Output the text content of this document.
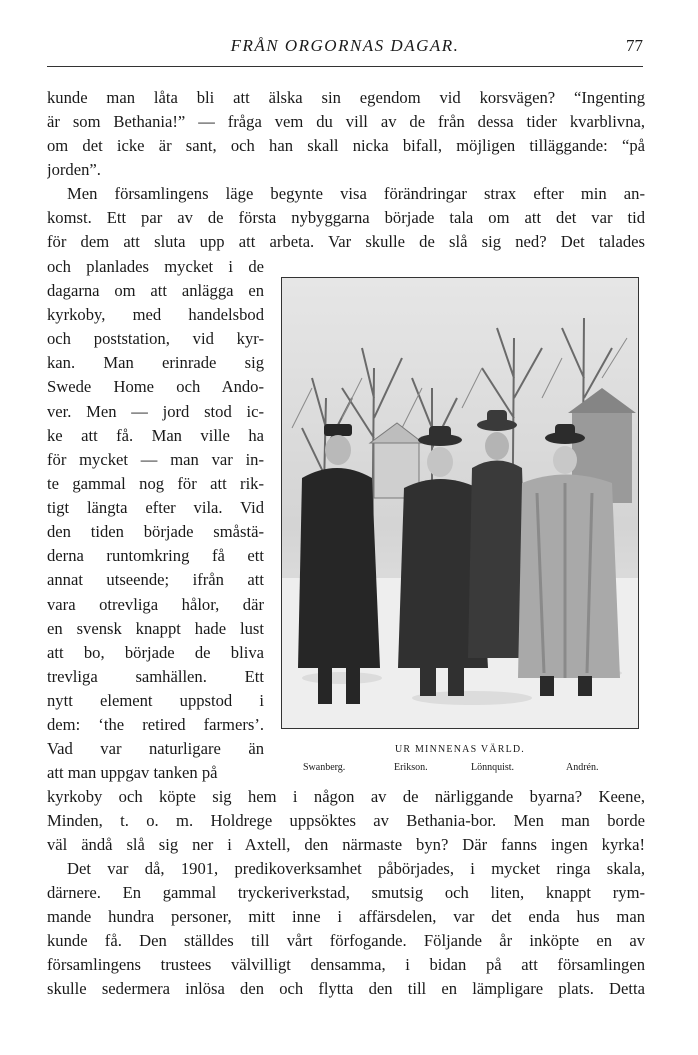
FRÅN ORGORNAS DAGAR.	77
kunde man låta bli att älska sin egendom vid korsvägen? “Ingenting
är som Bethania!” — fråga vem du vill av de från dessa tider kvarblivna,
om det icke är sant, och han skall nicka bifall, möjligen tilläggande: “på
jorden”.
Men församlingens läge begynte visa förändringar strax efter min an-
komst. Ett par av de första nybyggarna började tala om att det var tid
för dem att sluta upp att arbeta. Var skulle de slå sig ned? Det talades
och planlades mycket i de
dagarna om att anlägga en
kyrkoby, med handelsbod
och poststation, vid kyr-
kan. Man erinrade sig
Swede Home och Ando-
ver. Men — jord stod ic-
ke att få. Man ville ha
för mycket — man var in-
te gammal nog för att rik-
tigt längta efter vila. Vid
den tiden började småstä-
derna runtomkring få ett
annat utseende; ifrån att
vara otrevliga hålor, där
en svensk knappt hade lust
att bo, började de bliva
trevliga samhällen. Ett
nytt element uppstod i
dem: ‘the retired farmers’.
Vad var naturligare än
att man uppgav tanken på
kyrkoby och köpte sig hem i någon av de närliggande byarna? Keene,
Minden, t. o. m. Holdrege uppsöktes av Bethania-bor. Men man borde
väl ändå slå sig ner i Axtell, den närmaste byn? Där fanns ingen kyrka!
Det var då, 1901, predikoverksamhet påbörjades, i mycket ringa skala,
därnere. En gammal tryckeriverkstad, smutsig och liten, knappt rym-
mande hundra personer, mitt inne i affärsdelen, var det enda hus man
kunde få. Den ställdes till vårt förfogande. Följande år inköpte en av
församlingens trustees välvilligt densamma, i bidan på att församlingen
skulle sedermera inlösa den och flytta den till en lämpligare plats. Detta
UR MINNENAS VÄRLD.
Swanberg.	Erikson.	Lönnquist.	Andrén.
